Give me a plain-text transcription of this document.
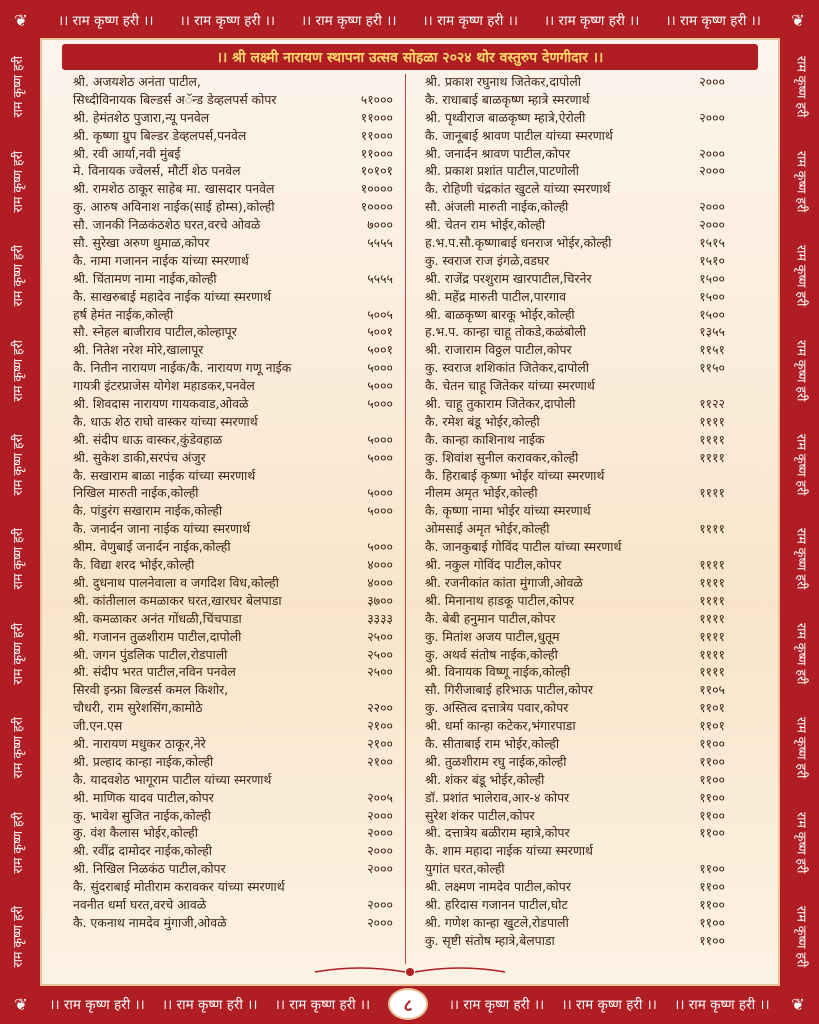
❦	।। राम कृष्ण हरी ।। ।। राम कृष्ण हरी ।। ।। राम कृष्ण हरी ।। ।। राम कृष्ण हरी ।। ।। राम कृष्ण हरी ।। ।। राम कृष्ण हरी ।। ❦
राम कृष्ण हरी
राम कृष्ण हरी
राम कृष्ण हरी
राम कृष्ण हरी
राम कृष्ण हरी
राम कृष्ण हरी
राम कृष्ण हरी
राम कृष्ण हरी
राम कृष्ण हरी
राम कृष्ण हरी
राम कृष्ण हरी
राम कृष्ण हरी
राम कृष्ण हरी
राम कृष्ण हरी
राम कृष्ण हरी
राम कृष्ण हरी
राम कृष्ण हरी
राम कृष्ण हरी
राम कृष्ण हरी
राम कृष्ण हरी
।। श्री लक्ष्मी नारायण स्थापना उत्सव सोहळा २०२४ थोर वस्तुरुप देणगीदार ।।
श्री. अजयशेठ अनंता पाटील,
सिध्दीविनायक बिल्डर्स अॅन्ड डेव्हलपर्स कोपर	५१०००
श्री. हेमंतशेठ पुजारा,न्यू पनवेल	११०००
श्री. कृष्णा ग्रुप बिल्डर डेव्हलपर्स,पनवेल	११०००
श्री. रवी आर्या,नवी मुंबई	११०००
मे. विनायक ज्वेलर्स, मौर्टी शेठ पनवेल	१०१०१
श्री. रामशेठ ठाकूर साहेब मा. खासदार पनवेल	१००००
कु. आरुष अविनाश नाईक(साई होम्स),कोल्ही	१००००
सौ. जानकी निळकंठशेठ घरत,वरचे ओवळे	७०००
सौ. सुरेखा अरुण धुमाळ,कोपर	५५५५
कै. नामा गजानन नाईक यांच्या स्मरणार्थ
श्री. चिंतामण नामा नाईक,कोल्ही	५५५५
कै. साखरुबाई महादेव नाईक यांच्या स्मरणार्थ
हर्ष हेमंत नाईक,कोल्ही	५००५
सौ. स्नेहल बाजीराव पाटील,कोल्हापूर	५००१
श्री. नितेश नरेश मोरे,खालापूर	५००१
कै. नितीन नारायण नाईक/कै. नारायण गणू नाईक	५०००
गायत्री इंटरप्राजेस योगेश महाडकर,पनवेल	५०००
श्री. शिवदास नारायण गायकवाड,ओवळे	५०००
कै. धाऊ शेठ राघो वास्कर यांच्या स्मरणार्थ
श्री. संदीप धाऊ वास्कर,कुंडेवहाळ	५०००
श्री. सुकेश डाकी,सरपंच अंजुर	५०००
कै. सखाराम बाळा नाईक यांच्या स्मरणार्थ
निखिल मारुती नाईक,कोल्ही	५०००
कै. पांडुरंग सखाराम नाईक,कोल्ही	५०००
कै. जनार्दन जाना नाईक यांच्या स्मरणार्थ
श्रीम. वेणुबाई जनार्दन नाईक,कोल्ही	५०००
कै. विद्या शरद भोईर,कोल्ही	४०००
श्री. दुधनाथ पालनेवाला व जगदिश विध,कोल्ही	४०००
श्री. कांतीलाल कमळाकर घरत,खारघर बेलपाडा	३७००
श्री. कमळाकर अनंत गोंधळी,चिंचपाडा	३३३३
श्री. गजानन तुळशीराम पाटील,दापोली	२५००
श्री. जगन पुंडलिक पाटील,रोडपाली	२५००
श्री. संदीप भरत पाटील,नविन पनवेल	२५००
सिरवी इन्फ्रा बिल्डर्स कमल किशोर,
चौधरी, राम सुरेशसिंग,कामोठे	२२००
जी.एन.एस	२१००
श्री. नारायण मधुकर ठाकूर,नेरे	२१००
श्री. प्रल्हाद कान्हा नाईक,कोल्ही	२१००
कै. यादवशेठ भागूराम पाटील यांच्या स्मरणार्थ
श्री. माणिक यादव पाटील,कोपर	२००५
कु. भावेश सुजित नाईक,कोल्ही	२०००
कु. वंश कैलास भोईर,कोल्ही	२०००
श्री. रवींद्र दामोदर नाईक,कोल्ही	२०००
श्री. निखिल निळकंठ पाटील,कोपर	२०००
कै. सुंदराबाई मोतीराम करावकर यांच्या स्मरणार्थ
नवनीत धर्मा घरत,वरचे आवळे	२०००
कै. एकनाथ नामदेव मुंगाजी,ओवळे	२०००
श्री. प्रकाश रघुनाथ जितेकर,दापोली	२०००
कै. राधाबाई बाळकृष्ण म्हात्रे स्मरणार्थ
श्री. पृथ्वीराज बाळकृष्ण म्हात्रे,ऐरोली	२०००
कै. जानूबाई श्रावण पाटील यांच्या स्मरणार्थ
श्री. जनार्दन श्रावण पाटील,कोपर	२०००
श्री. प्रकाश प्रशांत पाटील,पाटणोली	२०००
कै. रोहिणी चंद्रकांत खुटले यांच्या स्मरणार्थ
सौ. अंजली मारुती नाईक,कोल्ही	२०००
श्री. चेतन राम भोईर,कोल्ही	२०००
ह.भ.प.सौ.कृष्णाबाई धनराज भोईर,कोल्ही	१५१५
कु. स्वराज राज इंगळे,वडघर	१५१०
श्री. राजेंद्र परशुराम खारपाटील,चिरनेर	१५००
श्री. महेंद्र मारुती पाटील,पारगाव	१५००
श्री. बाळकृष्ण बारकू भोईर,कोल्ही	१५००
ह.भ.प. कान्हा चाहू तोकडे,कळंबोली	१३५५
श्री. राजाराम विठ्ठल पाटील,कोपर	११५१
कु. स्वराज शशिकांत जितेकर,दापोली	११५०
कै. चेतन चाहू जितेकर यांच्या स्मरणार्थ
श्री. चाहू तुकाराम जितेकर,दापोली	११२२
कै. रमेश बंडू भोईर,कोल्ही	११११
कै. कान्हा काशिनाथ नाईक	११११
कु. शिवांश सुनील करावकर,कोल्ही	११११
कै. हिराबाई कृष्णा भोईर यांच्या स्मरणार्थ
नीलम अमृत भोईर,कोल्ही	११११
कै. कृष्णा नामा भोईर यांच्या स्मरणार्थ
ओमसाई अमृत भोईर,कोल्ही	११११
कै. जानकुबाई गोविंद पाटील यांच्या स्मरणार्थ
श्री. नकुल गोविंद पाटील,कोपर	११११
श्री. रजनीकांत कांता मुंगाजी,ओवळे	११११
श्री. मिनानाथ हाडकू पाटील,कोपर	११११
कै. बेबी हनुमान पाटील,कोपर	११११
कु. मितांश अजय पाटील,धुतूम	११११
कु. अथर्व संतोष नाईक,कोल्ही	११११
श्री. विनायक विष्णू नाईक,कोल्ही	११११
सौ. गिरीजाबाई हरिभाऊ पाटील,कोपर	११०५
कु. अस्तित्व दत्तात्रेय पवार,कोपर	११०१
श्री. धर्मा कान्हा कटेकर,भंगारपाडा	११०१
कै. सीताबाई राम भोईर,कोल्ही	११००
श्री. तुळशीराम रघु नाईक,कोल्ही	११००
श्री. शंकर बंडू भोईर,कोल्ही	११००
डॉ. प्रशांत भालेराव,आर-४ कोपर	११००
सुरेश शंकर पाटील,कोपर	११००
श्री. दत्तात्रेय बळीराम म्हात्रे,कोपर	११००
कै. शाम महादा नाईक यांच्या स्मरणार्थ
युगांत घरत,कोल्ही	११००
श्री. लक्ष्मण नामदेव पाटील,कोपर	११००
श्री. हरिदास गजानन पाटील,घोट	११००
श्री. गणेश कान्हा खुटले,रोडपाली	११००
कु. सृष्टी संतोष म्हात्रे,बेलपाडा	११००
❦	।। राम कृष्ण हरी ।। ।। राम कृष्ण हरी ।। ।। राम कृष्ण हरी ।।	।। राम कृष्ण हरी ।। ।। राम कृष्ण हरी ।। ।। राम कृष्ण हरी ।। ❦
८
